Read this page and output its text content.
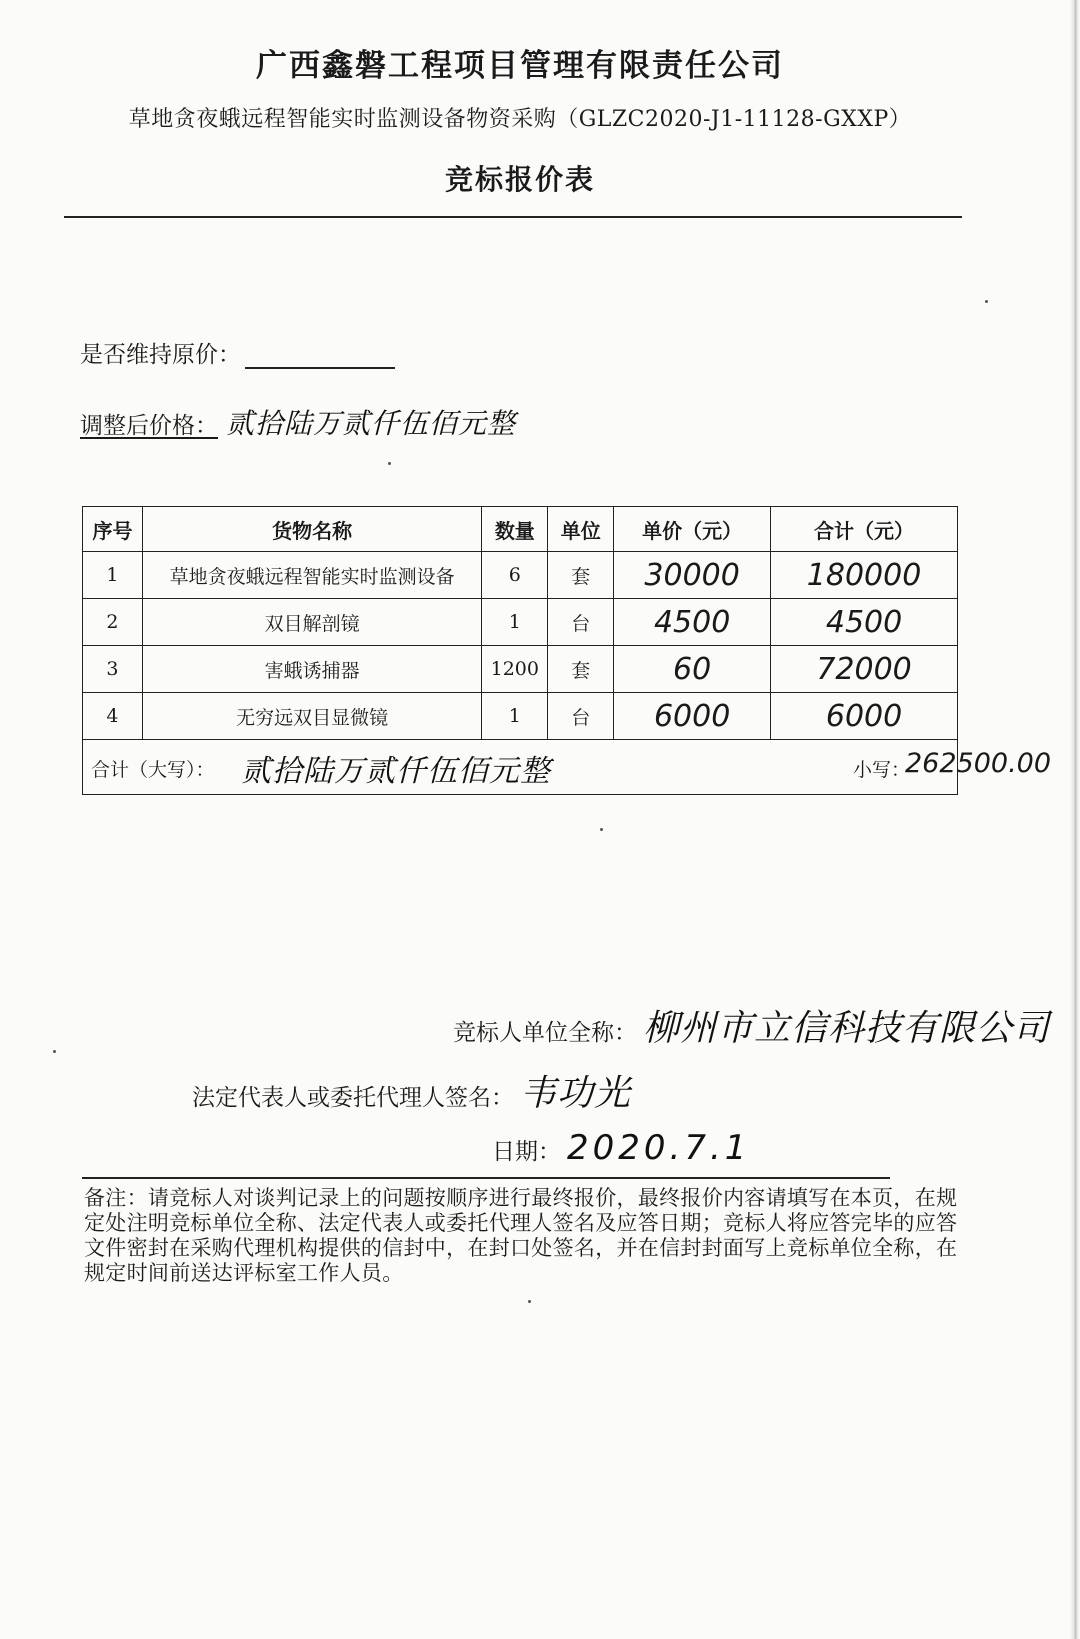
广西鑫磐工程项目管理有限责任公司
草地贪夜蛾远程智能实时监测设备物资采购（GLZC2020-J1-11128-GXXP）
竞标报价表
是否维持原价：
调整后价格： 贰拾陆万贰仟伍佰元整
序号	货物名称	数量	单位	单价（元）	合计（元）
1	草地贪夜蛾远程智能实时监测设备	6	套	30000	180000
2	双目解剖镜	1	台	4500	4500
3	害蛾诱捕器	1200	套	60	72000
4	无穷远双目显微镜	1	台	6000	6000

合计（大写）： 贰拾陆万贰仟伍佰元整 小写：
262500.00					
竞标人单位全称： 柳州市立信科技有限公司
法定代表人或委托代理人签名： 韦功光
日期： 2020.7.1
备注：请竞标人对谈判记录上的问题按顺序进行最终报价，最终报价内容请填写在本页，在规定处注明竞标单位全称、法定代表人或委托代理人签名及应答日期；竞标人将应答完毕的应答文件密封在采购代理机构提供的信封中，在封口处签名，并在信封封面写上竞标单位全称，在规定时间前送达评标室工作人员。
